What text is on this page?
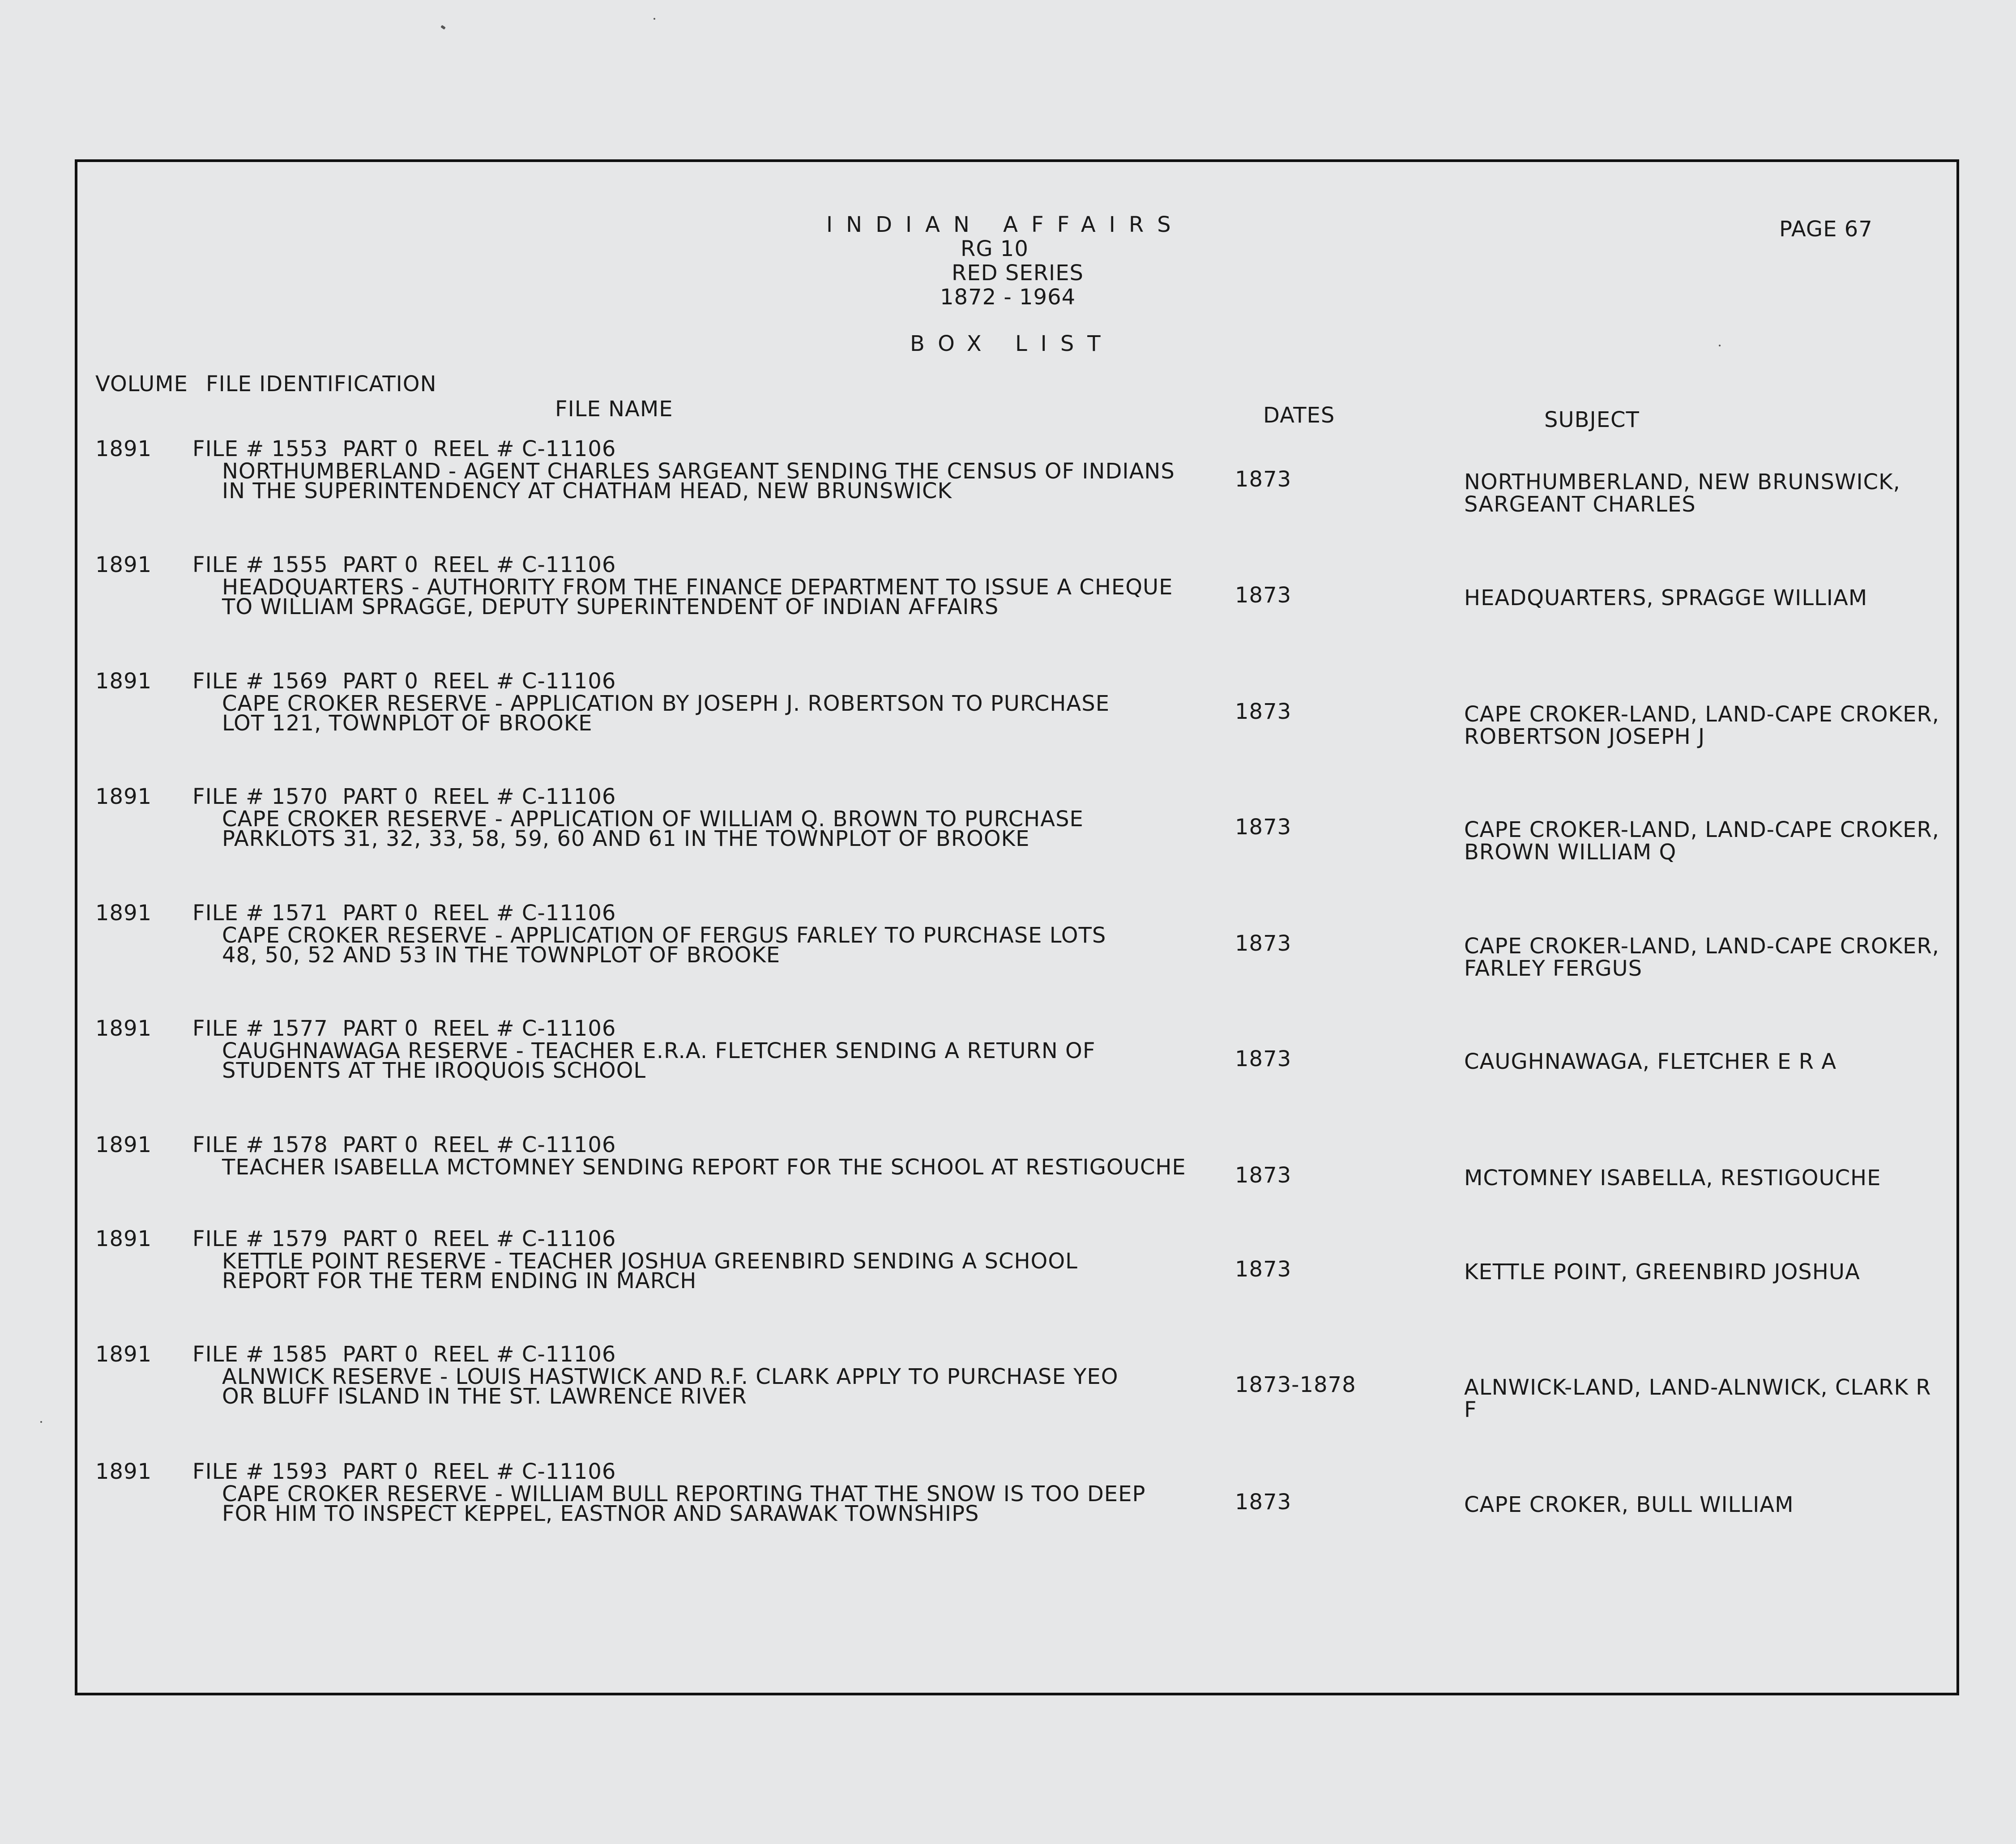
INDIAN AFFAIRS
RG 10
RED SERIES
1872 - 1964
BOX LIST
PAGE 67
VOLUME FILE IDENTIFICATION
FILE NAME	DATES	SUBJECT
1891 FILE # 1553  PART 0  REEL # C-11106
NORTHUMBERLAND - AGENT CHARLES SARGEANT SENDING THE CENSUS OF INDIANS
IN THE SUPERINTENDENCY AT CHATHAM HEAD, NEW BRUNSWICK	1873	NORTHUMBERLAND, NEW BRUNSWICK,
SARGEANT CHARLES
1891 FILE # 1555  PART 0  REEL # C-11106
HEADQUARTERS - AUTHORITY FROM THE FINANCE DEPARTMENT TO ISSUE A CHEQUE
TO WILLIAM SPRAGGE, DEPUTY SUPERINTENDENT OF INDIAN AFFAIRS	1873	HEADQUARTERS, SPRAGGE WILLIAM
1891 FILE # 1569  PART 0  REEL # C-11106
CAPE CROKER RESERVE - APPLICATION BY JOSEPH J. ROBERTSON TO PURCHASE
LOT 121, TOWNPLOT OF BROOKE	1873	CAPE CROKER-LAND, LAND-CAPE CROKER,
ROBERTSON JOSEPH J
1891 FILE # 1570  PART 0  REEL # C-11106
CAPE CROKER RESERVE - APPLICATION OF WILLIAM Q. BROWN TO PURCHASE
PARKLOTS 31, 32, 33, 58, 59, 60 AND 61 IN THE TOWNPLOT OF BROOKE	1873	CAPE CROKER-LAND, LAND-CAPE CROKER,
BROWN WILLIAM Q
1891 FILE # 1571  PART 0  REEL # C-11106
CAPE CROKER RESERVE - APPLICATION OF FERGUS FARLEY TO PURCHASE LOTS
48, 50, 52 AND 53 IN THE TOWNPLOT OF BROOKE	1873	CAPE CROKER-LAND, LAND-CAPE CROKER,
FARLEY FERGUS
1891 FILE # 1577  PART 0  REEL # C-11106
CAUGHNAWAGA RESERVE - TEACHER E.R.A. FLETCHER SENDING A RETURN OF
STUDENTS AT THE IROQUOIS SCHOOL	1873	CAUGHNAWAGA, FLETCHER E R A
1891 FILE # 1578  PART 0  REEL # C-11106
TEACHER ISABELLA MCTOMNEY SENDING REPORT FOR THE SCHOOL AT RESTIGOUCHE 1873	MCTOMNEY ISABELLA, RESTIGOUCHE
1891 FILE # 1579  PART 0  REEL # C-11106
KETTLE POINT RESERVE - TEACHER JOSHUA GREENBIRD SENDING A SCHOOL
REPORT FOR THE TERM ENDING IN MARCH	1873	KETTLE POINT, GREENBIRD JOSHUA
1891 FILE # 1585  PART 0  REEL # C-11106
ALNWICK RESERVE - LOUIS HASTWICK AND R.F. CLARK APPLY TO PURCHASE YEO
OR BLUFF ISLAND IN THE ST. LAWRENCE RIVER	1873-1878	ALNWICK-LAND, LAND-ALNWICK, CLARK R
F
1891 FILE # 1593  PART 0  REEL # C-11106
CAPE CROKER RESERVE - WILLIAM BULL REPORTING THAT THE SNOW IS TOO DEEP
FOR HIM TO INSPECT KEPPEL, EASTNOR AND SARAWAK TOWNSHIPS	1873	CAPE CROKER, BULL WILLIAM
